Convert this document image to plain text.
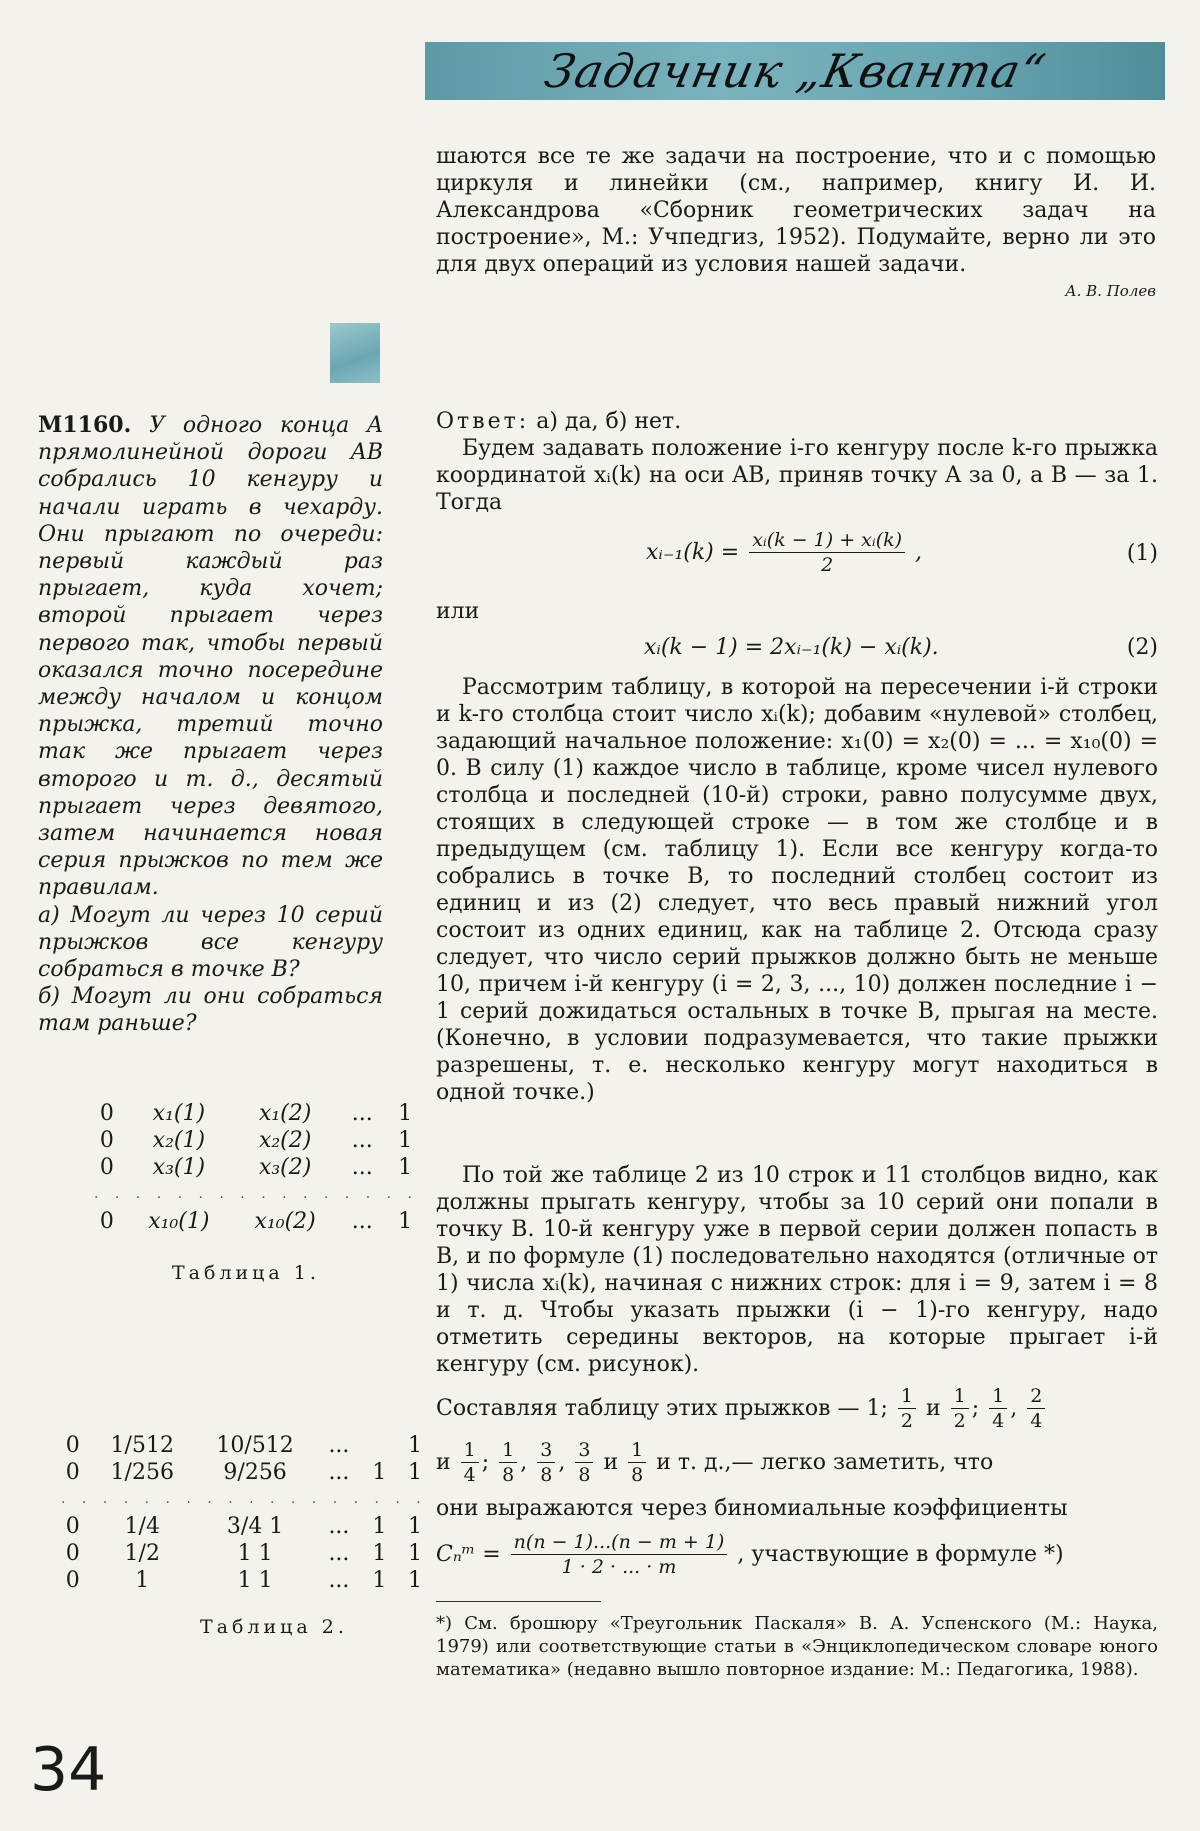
Задачник „Кванта“
шаются все те же задачи на построение, что и с помощью циркуля и линейки (см., например, книгу И. И. Александрова «Сборник геометрических задач на построение», М.: Учпедгиз, 1952). Подумайте, верно ли это для двух операций из условия нашей задачи.
А. В. Полев
М1160. У одного конца A прямолинейной дороги AB собрались 10 кенгуру и начали играть в чехарду. Они прыгают по очереди: первый каждый раз прыгает, куда хочет; второй прыгает через первого так, чтобы первый оказался точно посередине между началом и концом прыжка, третий точно так же прыгает через второго и т. д., десятый прыгает через девятого, затем начинается новая серия прыжков по тем же правилам.
а) Могут ли через 10 серий прыжков все кенгуру собраться в точке B?
б) Могут ли они собраться там раньше?
Ответ: а) да, б) нет.
Будем задавать положение i-го кенгуру после k-го прыжка координатой xᵢ(k) на оси AB, приняв точку A за 0, а B — за 1. Тогда
xᵢ₋₁(k) = $\frac{\text{xᵢ(k − 1) + xᵢ(k)}}{2}$ ,	(1)
или
xᵢ(k − 1) = 2xᵢ₋₁(k) − xᵢ(k).	(2)
Рассмотрим таблицу, в которой на пересечении i-й строки и k-го столбца стоит число xᵢ(k); добавим «нулевой» столбец, задающий начальное положение: x₁(0) = x₂(0) = ... = x₁₀(0) = 0. В силу (1) каждое число в таблице, кроме чисел нулевого столбца и последней (10-й) строки, равно полусумме двух, стоящих в следующей строке — в том же столбце и в предыдущем (см. таблицу 1). Если все кенгуру когда-то собрались в точке B, то последний столбец состоит из единиц и из (2) следует, что весь правый нижний угол состоит из одних единиц, как на таблице 2. Отсюда сразу следует, что число серий прыжков должно быть не меньше 10, причем i-й кенгуру (i = 2, 3, ..., 10) должен последние i − 1 серий дожидаться остальных в точке B, прыгая на месте. (Конечно, в условии подразумевается, что такие прыжки разрешены, т. е. несколько кенгуру могут находиться в одной точке.)
По той же таблице 2 из 10 строк и 11 столбцов видно, как должны прыгать кенгуру, чтобы за 10 серий они попали в точку B. 10-й кенгуру уже в первой серии должен попасть в B, и по формуле (1) последовательно находятся (отличные от 1) числа xᵢ(k), начиная с нижних строк: для i = 9, затем i = 8 и т. д. Чтобы указать прыжки (i − 1)-го кенгуру, надо отметить середины векторов, на которые прыгает i-й кенгуру (см. рисунок).
Составляя таблицу этих прыжков — 1; $\frac{1}{2}$ и $\frac{1}{2}$ ; $\frac{1}{4}$ , $\frac{2}{4}$
и $\frac{1}{4}$ ; $\frac{1}{8}$ , $\frac{3}{8}$ , $\frac{3}{8}$ и $\frac{1}{8}$ и т. д.,— легко заметить, что
они выражаются через биномиальные коэффициенты
Cₙᵐ = $\frac{n(n - 1)...(n - m + 1)}{1 \cdot 2 \cdot ... \cdot m}$ , участвующие в формуле *)
*) См. брошюру «Треугольник Паскаля» В. А. Успенского (М.: Наука, 1979) или соответствующие статьи в «Энциклопедическом словаре юного математика» (недавно вышло повторное издание: М.: Педагогика, 1988).
0	x₁(1)	x₁(2)	...	1
0	x₂(1)	x₂(2)	...	1
0	x₃(1)	x₃(2)	...	1
. . . . . . . . . . . . . . . .				
0	x₁₀(1)	x₁₀(2)	...	1
Таблица 1.
0	1/512	10/512	...		1
0	1/256	9/256	...	1	1
. . . . . . . . . . . . . . . . . .					
0	1/4	3/4 1	...	1	1
0	1/2	1 1	...	1	1
0	1	1 1	...	1	1
Таблица 2.
34
